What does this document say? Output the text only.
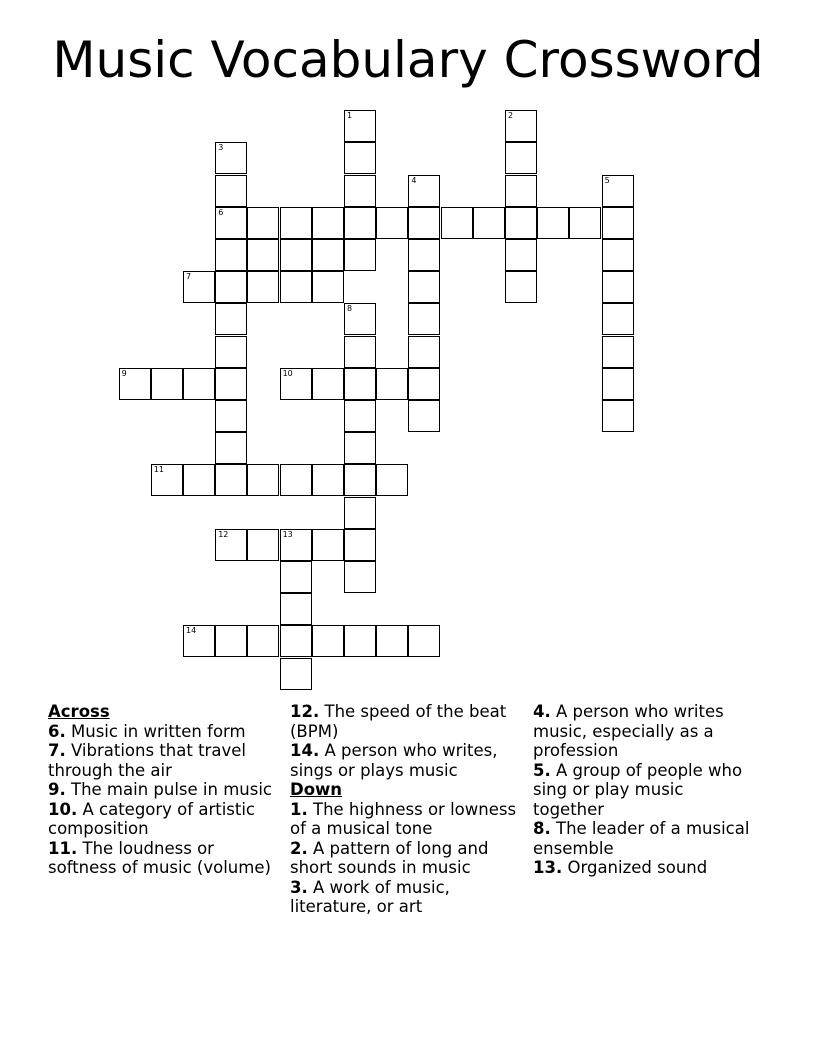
Music Vocabulary Crossword
1	2
3
4	5
6
7
8
9	10
11
12	13
14

Across

6. Music in written form

7. Vibrations that travel through the air

9. The main pulse in music

10. A category of artistic composition

11. The loudness or softness of music (volume)

12. The speed of the beat (BPM)

14. A person who writes, sings or plays music

Down

1. The highness or lowness of a musical tone

2. A pattern of long and short sounds in music

3. A work of music, literature, or art

4. A person who writes music, especially as a profession

5. A group of people who sing or play music together

8. The leader of a musical ensemble

13. Organized sound
